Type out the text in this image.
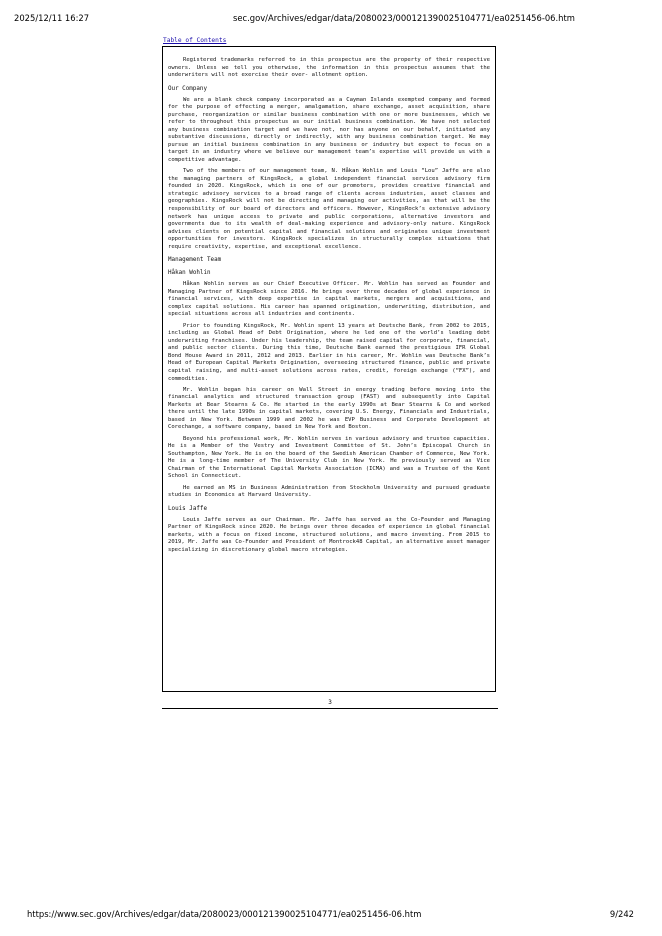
2025/12/11 16:27	sec.gov/Archives/edgar/data/2080023/000121390025104771/ea0251456-06.htm
Table of Contents

Registered trademarks referred to in this prospectus are the property of their respective owners. Unless we tell you otherwise, the information in this prospectus assumes that the underwriters will not exercise their over- allotment option.

Our Company

We are a blank check company incorporated as a Cayman Islands exempted company and formed for the purpose of effecting a merger, amalgamation, share exchange, asset acquisition, share purchase, reorganization or similar business combination with one or more businesses, which we refer to throughout this prospectus as our initial business combination. We have not selected any business combination target and we have not, nor has anyone on our behalf, initiated any substantive discussions, directly or indirectly, with any business combination target. We may pursue an initial business combination in any business or industry but expect to focus on a target in an industry where we believe our management team’s expertise will provide us with a competitive advantage.

Two of the members of our management team, N. Håkan Wohlin and Louis “Lou” Jaffe are also the managing partners of KingsRock, a global independent financial services advisory firm founded in 2020. KingsRock, which is one of our promoters, provides creative financial and strategic advisory services to a broad range of clients across industries, asset classes and geographies. KingsRock will not be directing and managing our activities, as that will be the responsibility of our board of directors and officers. However, KingsRock’s extensive advisory network has unique access to private and public corporations, alternative investors and governments due to its wealth of deal-making experience and advisory-only nature. KingsRock advises clients on potential capital and financial solutions and originates unique investment opportunities for investors. KingsRock specializes in structurally complex situations that require creativity, expertise, and exceptional excellence.

Management Team
Håkan Wohlin

Håkan Wohlin serves as our Chief Executive Officer. Mr. Wohlin has served as Founder and Managing Partner of KingsRock since 2016. He brings over three decades of global experience in financial services, with deep expertise in capital markets, mergers and acquisitions, and complex capital solutions. His career has spanned origination, underwriting, distribution, and special situations across all industries and continents.

Prior to founding KingsRock, Mr. Wohlin spent 13 years at Deutsche Bank, from 2002 to 2015, including as Global Head of Debt Origination, where he led one of the world’s leading debt underwriting franchises. Under his leadership, the team raised capital for corporate, financial, and public sector clients. During this time, Deutsche Bank earned the prestigious IFR Global Bond House Award in 2011, 2012 and 2013. Earlier in his career, Mr. Wohlin was Deutsche Bank’s Head of European Capital Markets Origination, overseeing structured finance, public and private capital raising, and multi-asset solutions across rates, credit, foreign exchange (“FX”), and commodities.

Mr. Wohlin began his career on Wall Street in energy trading before moving into the financial analytics and structured transaction group (FAST) and subsequently into Capital Markets at Bear Stearns & Co. He started in the early 1990s at Bear Stearns & Co and worked there until the late 1990s in capital markets, covering U.S. Energy, Financials and Industrials, based in New York. Between 1999 and 2002 he was EVP Business and Corporate Development at Corechange, a software company, based in New York and Boston.

Beyond his professional work, Mr. Wohlin serves in various advisory and trustee capacities. He is a Member of the Vestry and Investment Committee of St. John’s Episcopal Church in Southampton, New York. He is on the board of the Swedish American Chamber of Commerce, New York. He is a long-time member of The University Club in New York. He previously served as Vice Chairman of the International Capital Markets Association (ICMA) and was a Trustee of the Kent School in Connecticut.

He earned an MS in Business Administration from Stockholm University and pursued graduate studies in Economics at Harvard University.

Louis Jaffe

Louis Jaffe serves as our Chairman. Mr. Jaffe has served as the Co-Founder and Managing Partner of KingsRock since 2020. He brings over three decades of experience in global financial markets, with a focus on fixed income, structured solutions, and macro investing. From 2015 to 2019, Mr. Jaffe was Co-Founder and President of Montrock48 Capital, an alternative asset manager specializing in discretionary global macro strategies.

3
https://www.sec.gov/Archives/edgar/data/2080023/000121390025104771/ea0251456-06.htm	9/242
